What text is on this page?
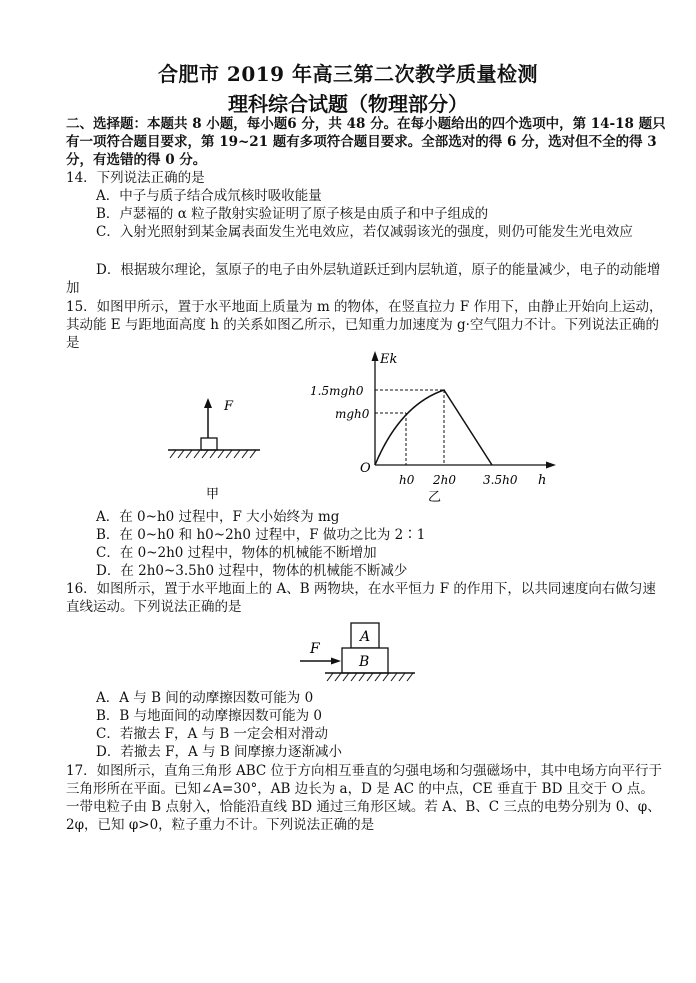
合肥市 2019 年高三第二次教学质量检测
理科综合试题（物理部分）
二、选择题：本题共 8 小题，每小题6 分，共 48 分。在每小题给出的四个选项中，第 14-18 题只有一项符合题目要求，第 19~21 题有多项符合题目要求。全部选对的得 6 分，选对但不全的得 3 分，有选错的得 0 分。
14．下列说法正确的是
A．中子与质子结合成氘核时吸收能量
B．卢瑟福的 α 粒子散射实验证明了原子核是由质子和中子组成的
C．入射光照射到某金属表面发生光电效应，若仅减弱该光的强度，则仍可能发生光电效应
D．根据玻尔理论，氢原子的电子由外层轨道跃迁到内层轨道，原子的能量减少，电子的动能增加
15．如图甲所示，置于水平地面上质量为 m 的物体，在竖直拉力 F 作用下，由静止开始向上运动，其动能 E 与距地面高度 h 的关系如图乙所示，已知重力加速度为 g·空气阻力不计。下列说法正确的是
F
甲
Ek
h
O
1.5mgh0
mgh0
h0 2h0 3.5h0
乙
A．在 0~h0 过程中，F 大小始终为 mg
B．在 0~h0 和 h0~2h0 过程中，F 做功之比为 2∶1
C．在 0~2h0 过程中，物体的机械能不断增加
D．在 2h0~3.5h0 过程中，物体的机械能不断减少
16．如图所示，置于水平地面上的 A、B 两物块，在水平恒力 F 的作用下，以共同速度向右做匀速直线运动。下列说法正确的是
F
A
B
A．A 与 B 间的动摩擦因数可能为 0
B．B 与地面间的动摩擦因数可能为 0
C．若撤去 F，A 与 B 一定会相对滑动
D．若撤去 F，A 与 B 间摩擦力逐渐减小
17．如图所示，直角三角形 ABC 位于方向相互垂直的匀强电场和匀强磁场中，其中电场方向平行于三角形所在平面。已知∠A=30°，AB 边长为 a，D 是 AC 的中点，CE 垂直于 BD 且交于 O 点。一带电粒子由 B 点射入，恰能沿直线 BD 通过三角形区域。若 A、B、C 三点的电势分别为 0、φ、2φ，已知 φ>0，粒子重力不计。下列说法正确的是
